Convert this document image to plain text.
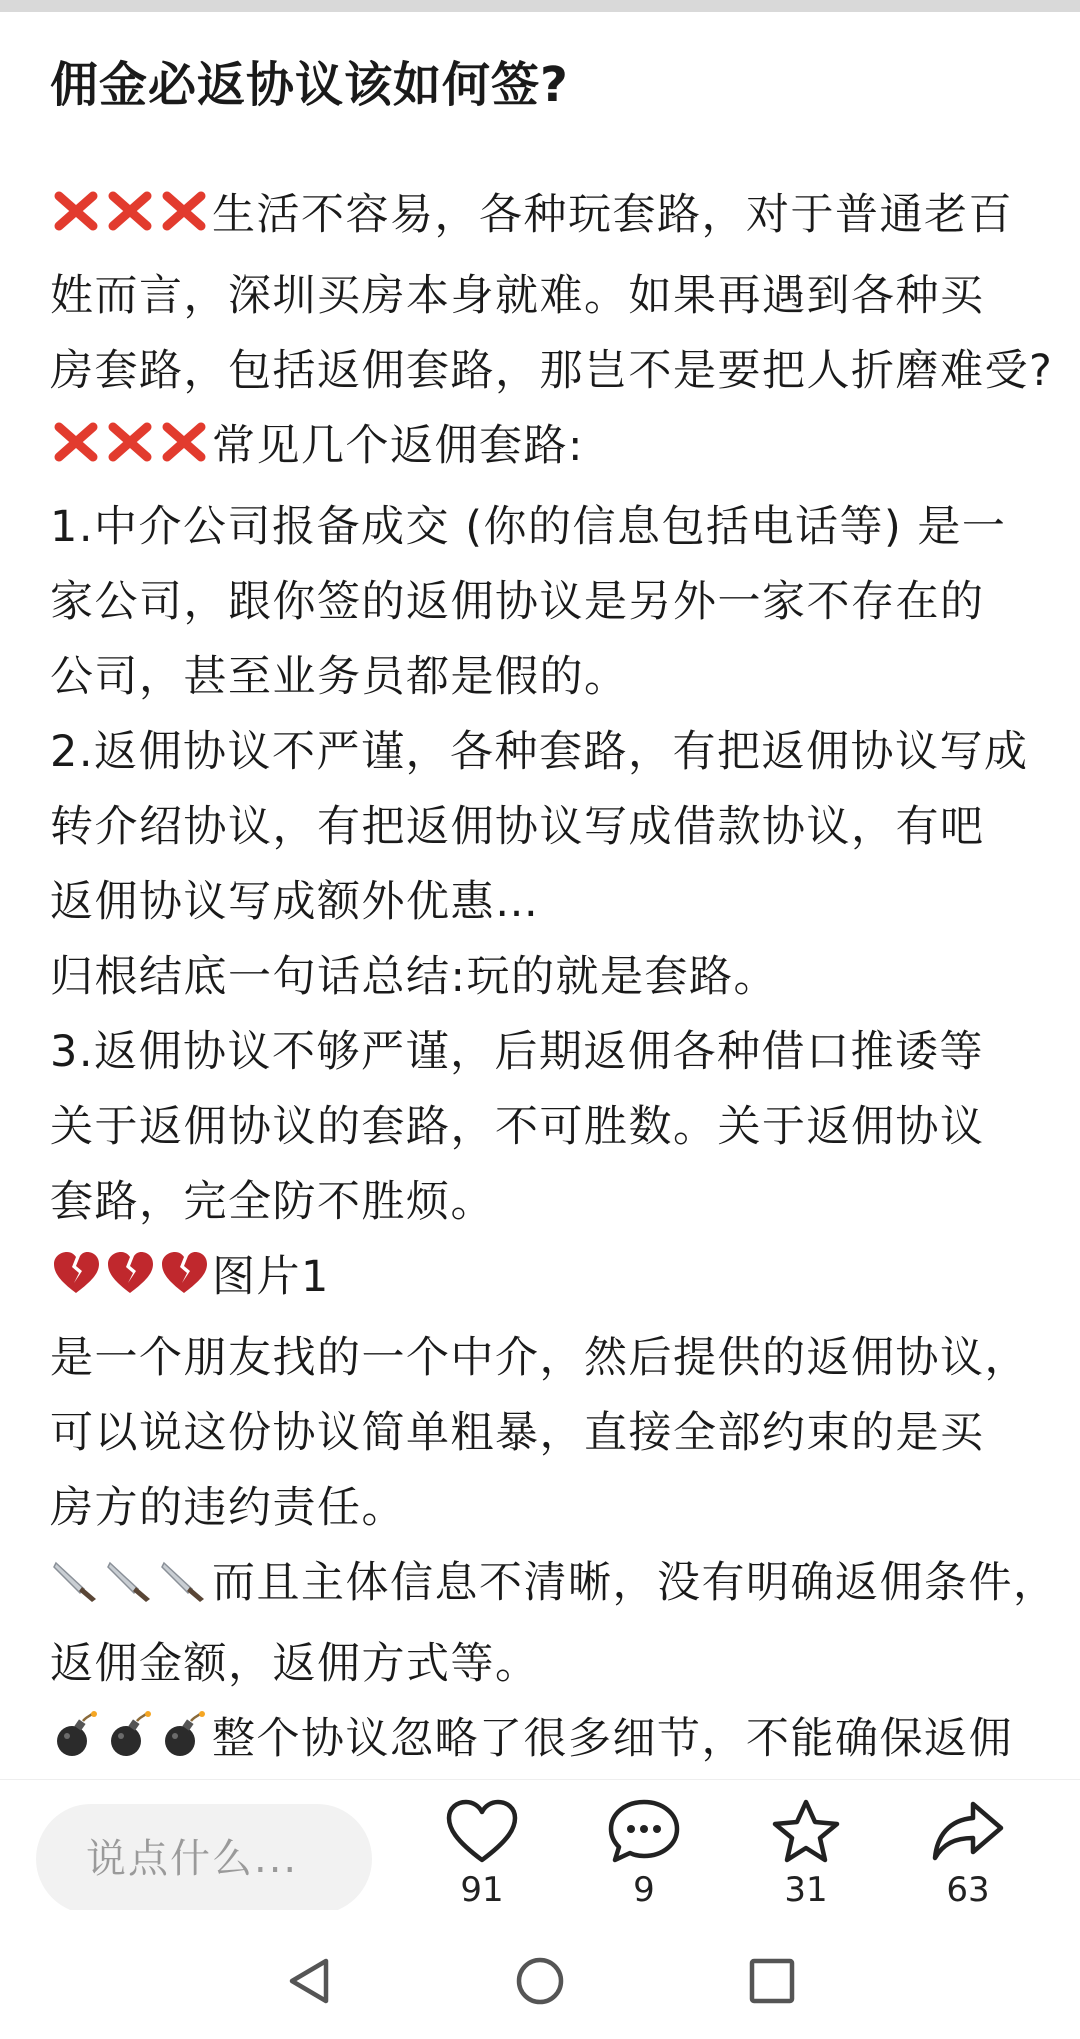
佣金必返协议该如何签?
生活不容易，各种玩套路，对于普通老百
姓而言，深圳买房本身就难。如果再遇到各种买
房套路，包括返佣套路，那岂不是要把人折磨难受?
常见几个返佣套路:
1.中介公司报备成交 (你的信息包括电话等) 是一
家公司，跟你签的返佣协议是另外一家不存在的
公司，甚至业务员都是假的。
2.返佣协议不严谨，各种套路，有把返佣协议写成
转介绍协议，有把返佣协议写成借款协议，有吧
返佣协议写成额外优惠…
归根结底一句话总结:玩的就是套路。
3.返佣协议不够严谨，后期返佣各种借口推诿等
关于返佣协议的套路，不可胜数。关于返佣协议
套路，完全防不胜烦。
图片1
是一个朋友找的一个中介，然后提供的返佣协议，
可以说这份协议简单粗暴，直接全部约束的是买
房方的违约责任。
而且主体信息不清晰，没有明确返佣条件，
返佣金额，返佣方式等。
整个协议忽略了很多细节，不能确保返佣
说点什么...
91	9	31	63
